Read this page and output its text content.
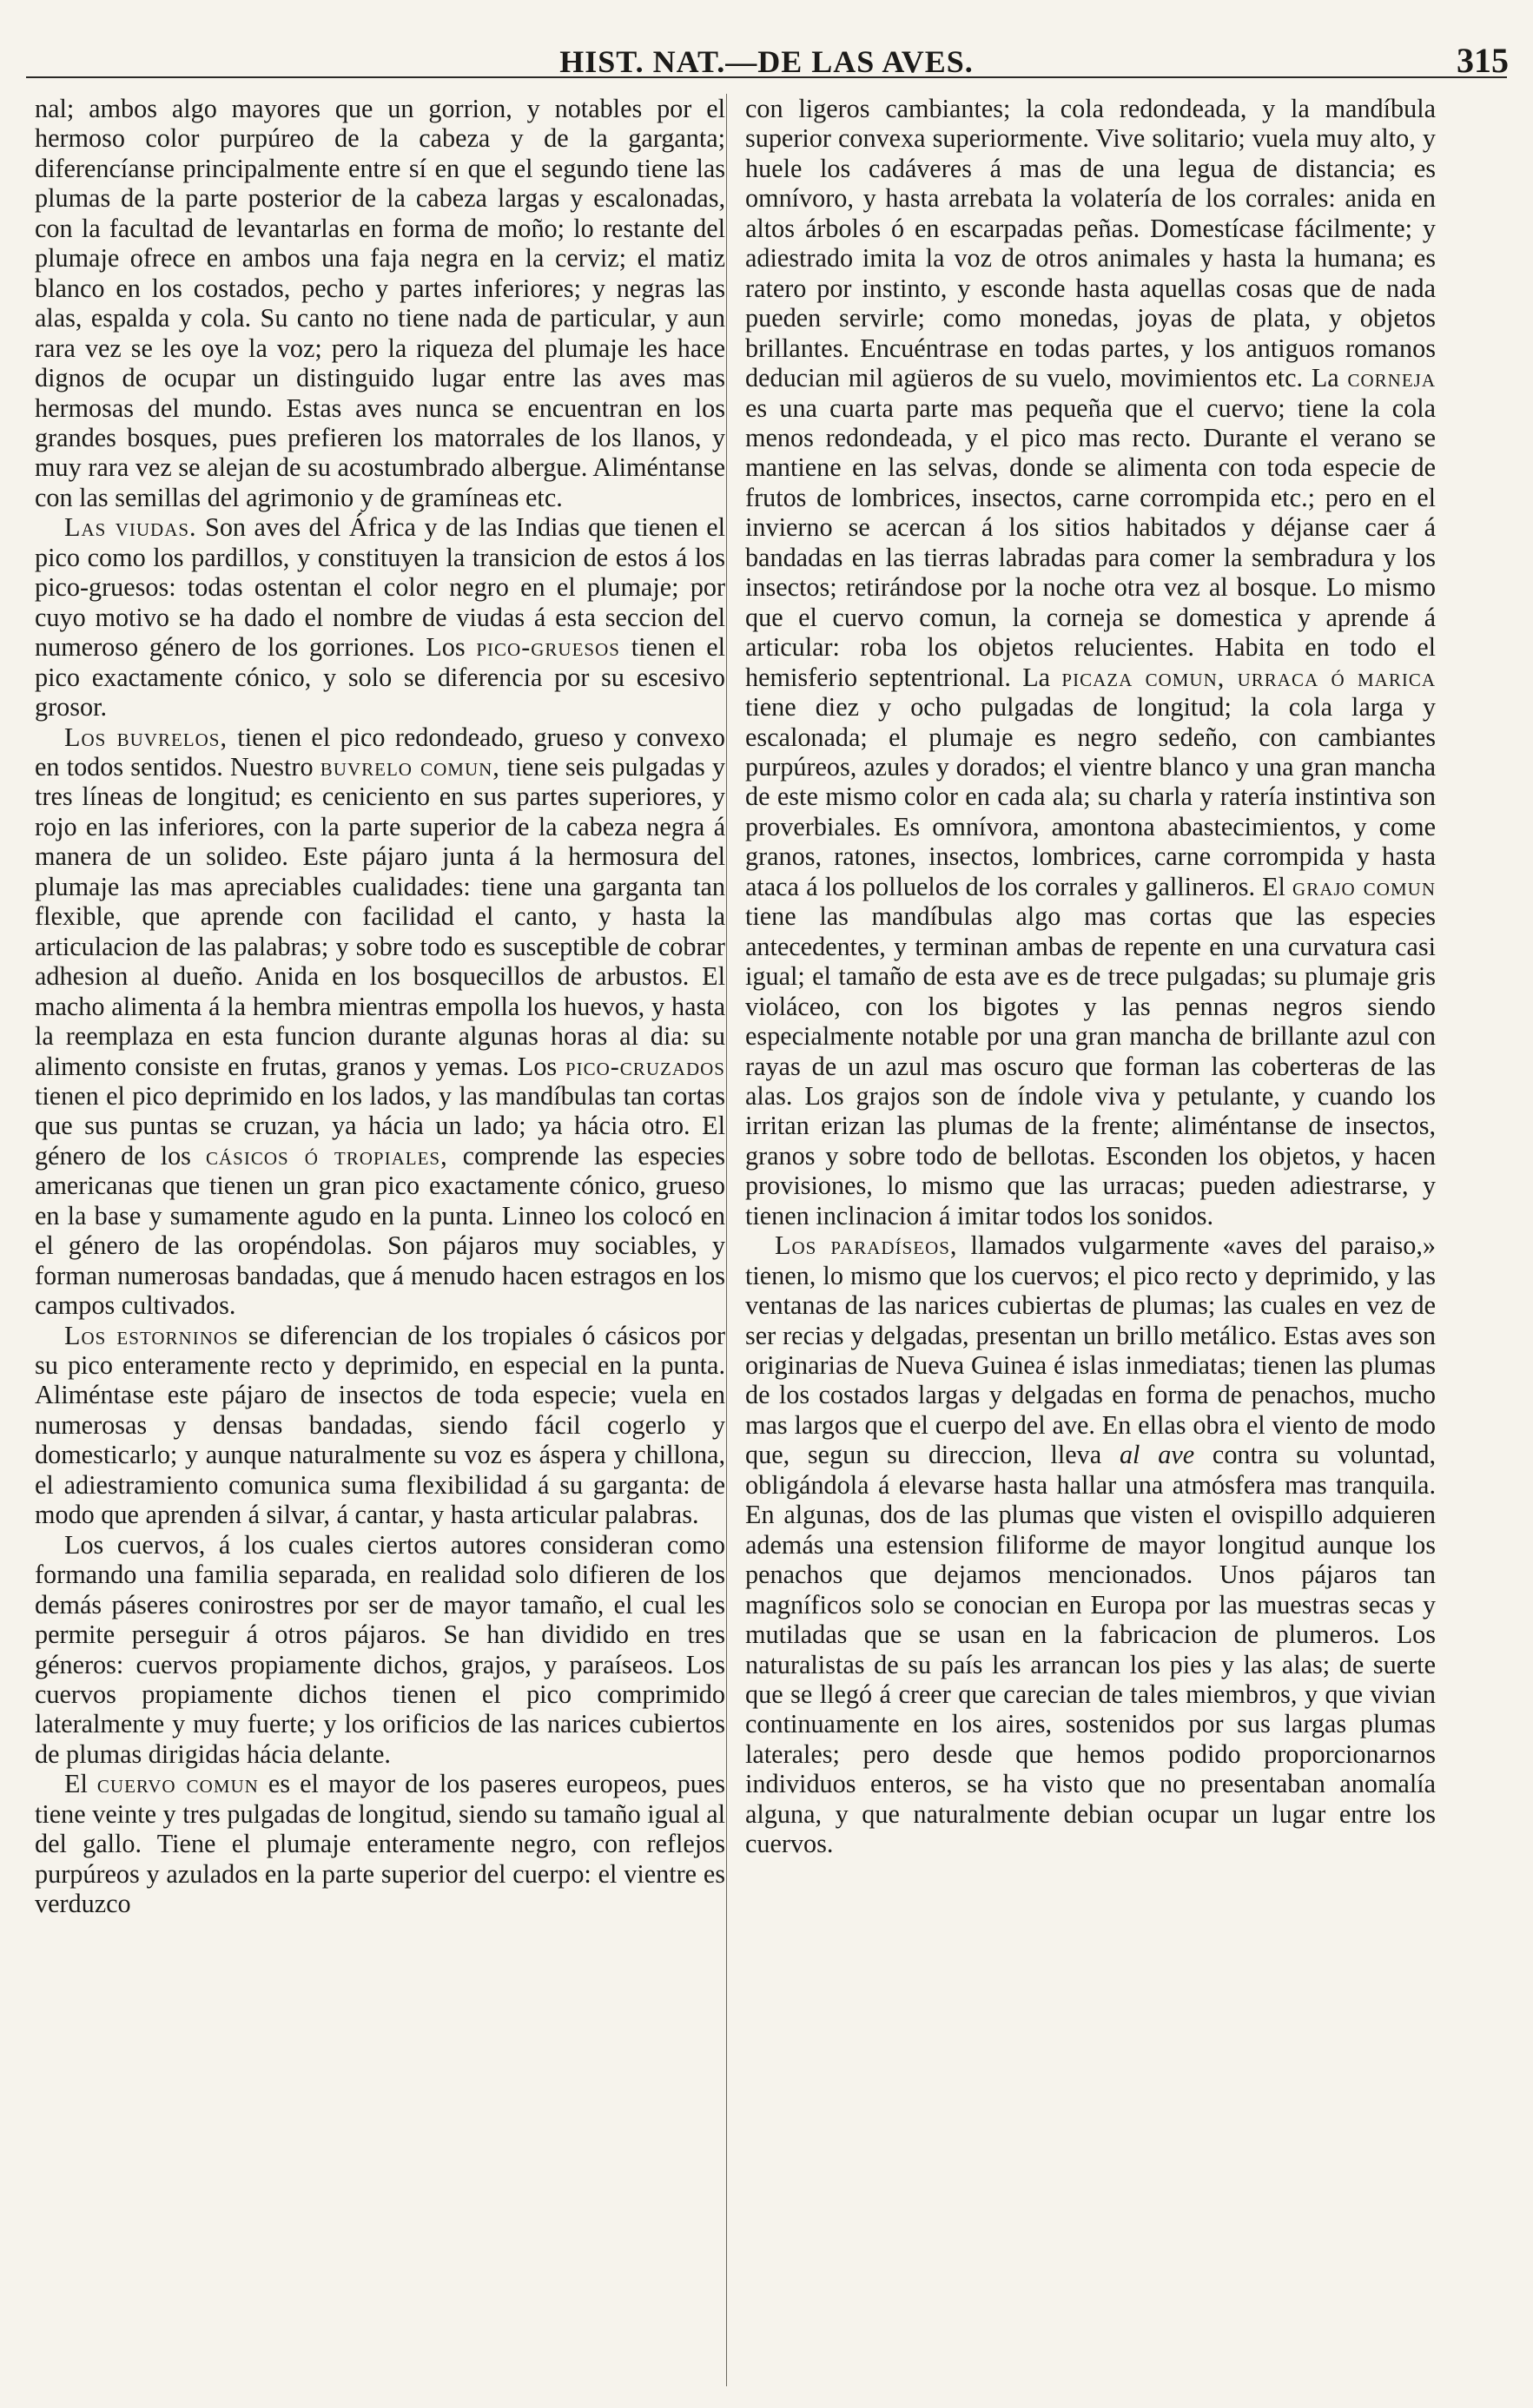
HIST. NAT.—DE LAS AVES.	315

nal; ambos algo mayores que un gorrion, y notables por el hermoso color purpúreo de la cabeza y de la garganta; diferencíanse principalmente entre sí en que el segundo tiene las plumas de la parte posterior de la cabeza largas y escalonadas, con la facultad de levantarlas en forma de moño; lo restante del plumaje ofrece en ambos una faja negra en la cerviz; el matiz blanco en los costados, pecho y partes inferiores; y negras las alas, espalda y cola. Su canto no tiene nada de particular, y aun rara vez se les oye la voz; pero la riqueza del plumaje les hace dignos de ocupar un distinguido lugar entre las aves mas hermosas del mundo. Estas aves nunca se encuentran en los grandes bosques, pues prefieren los matorrales de los llanos, y muy rara vez se alejan de su acostumbrado albergue. Aliméntanse con las semillas del agrimonio y de gramíneas etc.

Las viudas. Son aves del África y de las Indias que tienen el pico como los pardillos, y constituyen la transicion de estos á los pico-gruesos: todas ostentan el color negro en el plumaje; por cuyo motivo se ha dado el nombre de viudas á esta seccion del numeroso género de los gorriones. Los pico-gruesos tienen el pico exactamente cónico, y solo se diferencia por su escesivo grosor.

Los buvrelos, tienen el pico redondeado, grueso y convexo en todos sentidos. Nuestro buvrelo comun, tiene seis pulgadas y tres líneas de longitud; es ceniciento en sus partes superiores, y rojo en las inferiores, con la parte superior de la cabeza negra á manera de un solideo. Este pájaro junta á la hermosura del plumaje las mas apreciables cualidades: tiene una garganta tan flexible, que aprende con facilidad el canto, y hasta la articulacion de las palabras; y sobre todo es susceptible de cobrar adhesion al dueño. Anida en los bosquecillos de arbustos. El macho alimenta á la hembra mientras empolla los huevos, y hasta la reemplaza en esta funcion durante algunas horas al dia: su alimento consiste en frutas, granos y yemas. Los pico-cruzados tienen el pico deprimido en los lados, y las mandíbulas tan cortas que sus puntas se cruzan, ya hácia un lado; ya hácia otro. El género de los cásicos ó tropiales, comprende las especies americanas que tienen un gran pico exactamente cónico, grueso en la base y sumamente agudo en la punta. Linneo los colocó en el género de las oropéndolas. Son pájaros muy sociables, y forman numerosas bandadas, que á menudo hacen estragos en los campos cultivados.

Los estorninos se diferencian de los tropiales ó cásicos por su pico enteramente recto y deprimido, en especial en la punta. Aliméntase este pájaro de insectos de toda especie; vuela en numerosas y densas bandadas, siendo fácil cogerlo y domesticarlo; y aunque naturalmente su voz es áspera y chillona, el adiestramiento comunica suma flexibilidad á su garganta: de modo que aprenden á silvar, á cantar, y hasta articular palabras.

Los cuervos, á los cuales ciertos autores consideran como formando una familia separada, en realidad solo difieren de los demás páseres conirostres por ser de mayor tamaño, el cual les permite perseguir á otros pájaros. Se han dividido en tres géneros: cuervos propiamente dichos, grajos, y paraíseos. Los cuervos propiamente dichos tienen el pico comprimido lateralmente y muy fuerte; y los orificios de las narices cubiertos de plumas dirigidas hácia delante.

El cuervo comun es el mayor de los paseres europeos, pues tiene veinte y tres pulgadas de longitud, siendo su tamaño igual al del gallo. Tiene el plumaje enteramente negro, con reflejos purpúreos y azulados en la parte superior del cuerpo: el vientre es verduzco

con ligeros cambiantes; la cola redondeada, y la mandíbula superior convexa superiormente. Vive solitario; vuela muy alto, y huele los cadáveres á mas de una legua de distancia; es omnívoro, y hasta arrebata la volatería de los corrales: anida en altos árboles ó en escarpadas peñas. Domestícase fácilmente; y adiestrado imita la voz de otros animales y hasta la humana; es ratero por instinto, y esconde hasta aquellas cosas que de nada pueden servirle; como monedas, joyas de plata, y objetos brillantes. Encuéntrase en todas partes, y los antiguos romanos deducian mil agüeros de su vuelo, movimientos etc. La corneja es una cuarta parte mas pequeña que el cuervo; tiene la cola menos redondeada, y el pico mas recto. Durante el verano se mantiene en las selvas, donde se alimenta con toda especie de frutos de lombrices, insectos, carne corrompida etc.; pero en el invierno se acercan á los sitios habitados y déjanse caer á bandadas en las tierras labradas para comer la sembradura y los insectos; retirándose por la noche otra vez al bosque. Lo mismo que el cuervo comun, la corneja se domestica y aprende á articular: roba los objetos relucientes. Habita en todo el hemisferio septentrional. La picaza comun, urraca ó marica tiene diez y ocho pulgadas de longitud; la cola larga y escalonada; el plumaje es negro sedeño, con cambiantes purpúreos, azules y dorados; el vientre blanco y una gran mancha de este mismo color en cada ala; su charla y ratería instintiva son proverbiales. Es omnívora, amontona abastecimientos, y come granos, ratones, insectos, lombrices, carne corrompida y hasta ataca á los polluelos de los corrales y gallineros. El grajo comun tiene las mandíbulas algo mas cortas que las especies antecedentes, y terminan ambas de repente en una curvatura casi igual; el tamaño de esta ave es de trece pulgadas; su plumaje gris violáceo, con los bigotes y las pennas negros siendo especialmente notable por una gran mancha de brillante azul con rayas de un azul mas oscuro que forman las coberteras de las alas. Los grajos son de índole viva y petulante, y cuando los irritan erizan las plumas de la frente; aliméntanse de insectos, granos y sobre todo de bellotas. Esconden los objetos, y hacen provisiones, lo mismo que las urracas; pueden adiestrarse, y tienen inclinacion á imitar todos los sonidos.

Los paradíseos, llamados vulgarmente «aves del paraiso,» tienen, lo mismo que los cuervos; el pico recto y deprimido, y las ventanas de las narices cubiertas de plumas; las cuales en vez de ser recias y delgadas, presentan un brillo metálico. Estas aves son originarias de Nueva Guinea é islas inmediatas; tienen las plumas de los costados largas y delgadas en forma de penachos, mucho mas largos que el cuerpo del ave. En ellas obra el viento de modo que, segun su direccion, lleva al ave contra su voluntad, obligándola á elevarse hasta hallar una atmósfera mas tranquila. En algunas, dos de las plumas que visten el ovispillo adquieren además una estension filiforme de mayor longitud aunque los penachos que dejamos mencionados. Unos pájaros tan magníficos solo se conocian en Europa por las muestras secas y mutiladas que se usan en la fabricacion de plumeros. Los naturalistas de su país les arrancan los pies y las alas; de suerte que se llegó á creer que carecian de tales miembros, y que vivian continuamente en los aires, sostenidos por sus largas plumas laterales; pero desde que hemos podido proporcionarnos individuos enteros, se ha visto que no presentaban anomalía alguna, y que naturalmente debian ocupar un lugar entre los cuervos.
